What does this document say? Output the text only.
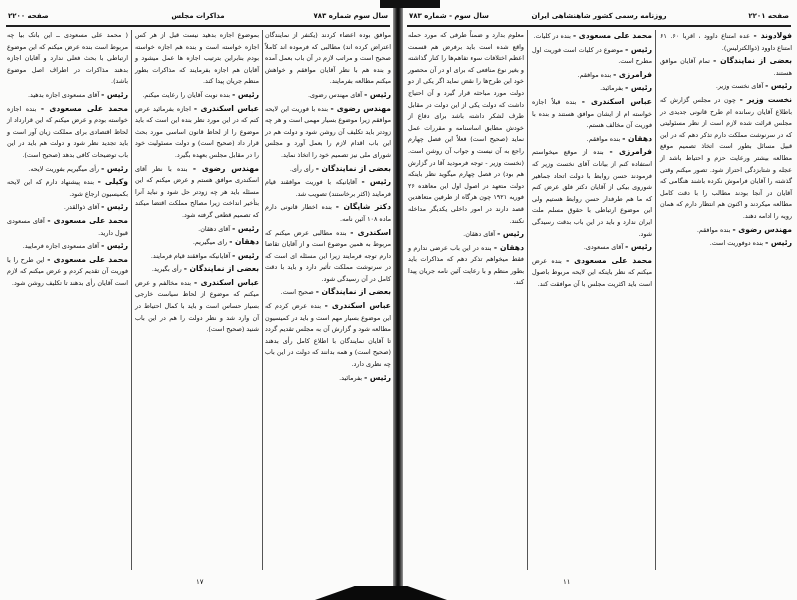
سال سوم شماره ۷۸۳
مذاکرات مجلس
صفحه ۲۲۰۰

موافق بوده اعضاء کردند (یکنفر از نمایندگان اعتراض کرده اند) مطالبی که فرموده اند کاملاً صحیح است و مراتب لازم در آن باب بعمل آمده و بنده هم با نظر آقایان موافقم و خواهش میکنم مطالعه بفرمایند.

رئیس - آقای مهندس رضوی.

مهندس رضوی - بنده با فوریت این لایحه موافقم زیرا موضوع بسیار مهمی است و هر چه زودتر باید تکلیف آن روشن شود و دولت هم در این باب اقدام لازم را بعمل آورد و مجلس شورای ملی نیز تصمیم خود را اتخاذ نماید.

بعضی از نمایندگان - رأی رأی.

رئیس - آقایانیکه با فوریت موافقند قیام فرمایند (اکثر برخاستند) تصویب شد.

دکتر شایگان - بنده اخطار قانونی دارم ماده ۱۰۸ آئین نامه.

اسکندری - بنده مطالبی عرض میکنم که مربوط به همین موضوع است و از آقایان تقاضا دارم توجه فرمایند زیرا این مسئله ای است که در سرنوشت مملکت تأثیر دارد و باید با دقت کامل در آن رسیدگی شود.

بعضی از نمایندگان - صحیح است.

عباس اسکندری - بنده عرض کردم که این موضوع بسیار مهم است و باید در کمیسیون مطالعه شود و گزارش آن به مجلس تقدیم گردد تا آقایان نمایندگان با اطلاع کامل رأی بدهند (صحیح است) و همه بدانند که دولت در این باب چه نظری دارد.

رئیس - بفرمائید.

بموضوع اجازه بدهید نیست قبل از هر کس اجازه خواسته است و بنده هم اجازه خواسته بودم بنابراین بترتیب اجازه ها عمل میشود و آقایان هم اجازه بفرمایند که مذاکرات بطور منظم جریان پیدا کند.

رئیس - بنده نوبت آقایان را رعایت میکنم.

عباس اسکندری - اجازه بفرمائید عرض کنم که در این مورد نظر بنده این است که باید موضوع را از لحاظ قانون اساسی مورد بحث قرار داد (صحیح است) و دولت مسئولیت خود را در مقابل مجلس بعهده بگیرد.

مهندس رضوی - بنده با نظر آقای اسکندری موافق هستم و عرض میکنم که این مسئله باید هر چه زودتر حل شود و نباید آنرا بتأخیر انداخت زیرا مصالح مملکت اقتضا میکند که تصمیم قطعی گرفته شود.

رئیس - آقای دهقان.

دهقان - رای میگیریم.

رئیس - آقایانیکه موافقند قیام فرمایند.

بعضی از نمایندگان - رأی بگیرید.

عباس اسکندری - بنده مخالفم و عرض میکنم که موضوع از لحاظ سیاست خارجی بسیار حساس است و باید با کمال احتیاط در آن وارد شد و نظر دولت را هم در این باب شنید (صحیح است).

( محمد علی مسعودی ــ این بانک بیا چه مربوط است بنده عرض میکنم که این موضوع ارتباطی با بحث فعلی ندارد و آقایان اجازه بدهند مذاکرات در اطراف اصل موضوع باشد).

رئیس - آقای مسعودی اجازه بدهید.

محمد علی مسعودی - بنده اجازه خواسته بودم و عرض میکنم که این قرارداد از لحاظ اقتصادی برای مملکت زیان آور است و باید تجدید نظر شود و دولت هم باید در این باب توضیحات کافی بدهد (صحیح است).

رئیس - رأی میگیریم بفوریت لایحه.

وکیلی - بنده پیشنهاد دارم که این لایحه بکمیسیون ارجاع شود.

رئیس - آقای ذوالقدر.

محمد علی مسعودی - آقای مسعودی قبول دارید.

رئیس - آقای مسعودی اجازه فرمایید.

محمد علی مسعودی - این طرح را با فوریت آن تقدیم کردم و عرض میکنم که لازم است آقایان رأی بدهند تا تکلیف روشن شود.

۱۷
صفحه ۲۲۰۱
روزنامه رسمی کشور شاهنشاهی ایران
سال سوم - شماره ۷۸۳

فولادوند - عده امتناع داوود ، اقربا ۶۰. ۶۱ امتناع داوود (ذوالکترلیس).

بعضی از نمایندگان - تمام آقایان موافق هستند.

رئیس - آقای نخست وزیر.

نخست وزیر - چون در مجلس گزارش که باطلاع آقایان رسانده ام طرح قانونی جدیدی در مجلس قرائت شده لازم است از نظر مسئولیتی که در سرنوشت مملکت دارم تذکر دهم که در این قبیل مسائل بطور است اتخاذ تصمیم موقع مطالعه بیشتر ورعایت حزم و احتیاط باشد از عجله و شتابزدگی احتراز شود. تصور میکنم وقتی گذشته را آقایان فراموش نکرده باشند هنگامی که آقایان در آنجا بودند مطالب را با دقت کامل مطالعه میکردند و اکنون هم انتظار دارم که همان رویه را ادامه دهند.

مهندس رضوی - بنده موافقم.

رئیس - بنده دوفوریت است.

محمد علی مسعودی - بنده در کلیات.

رئیس - موضوع در کلیات است فوریت اول مطرح است.

فرامرزی - بنده موافقم.

رئیس - بفرمائید.

عباس اسکندری - بنده قبلاً اجازه خواسته ام از ایشان موافق هستند و بنده با فوریت آن مخالف هستم.

دهقان - بنده موافقم.

فرامرزی - بنده از موقع میخواستم استفاده کنم از بیانات آقای نخست وزیر که فرمودند حسن روابط با دولت اتحاد جماهیر شوروی بیکی از آقایان دکتر فلق عرض کنم که ما هم طرفدار حسن روابط هستیم ولی این موضوع ارتباطی با حقوق مسلم ملت ایران ندارد و باید در این باب بدقت رسیدگی شود.

رئیس - آقای مسعودی.

محمد علی مسعودی - بنده عرض میکنم که نظر باینکه این لایحه مربوط باصول است باید اکثریت مجلس با آن موافقت کند.

معلوم بدارد و ضمناً طرفی که مورد حمله واقع شده است باید برفرض هم قسمت اعظم اختلافات سوء تفاهم‌ها را کنار گذاشته و بغیر نوع منافعی که برای او در آن محصور خود این طرح‌ها را نقض نماید اگر یکی از دو دولت مورد مباحثه قرار گیرد و آن احتیاج داشت که دولت یکی از این دولت در مقابل طرف لشکر داشته باشد برای دفاع از خودش مطابق اساسنامه و مقررات عمل نماید (صحیح است) فعلاً این فصل چهارم راجع به آن نیست و جواب آن روشن است. (نخست وزیر - توجه فرمودید آقا در گزارش هم بود) در فصل چهارم میگوید نظر باینکه دولت متعهد در اصول اول این معاهده ۲۶ فوریه ۱۹۲۱ چون هرگاه از طرفین متعاهدین قصد دارند در امور داخلی یکدیگر مداخله نکنند.

رئیس - آقای دهقان.

دهقان - بنده در این باب عرضی ندارم و فقط میخواهم تذکر دهم که مذاکرات باید بطور منظم و با رعایت آئین نامه جریان پیدا کند.

۱۱
